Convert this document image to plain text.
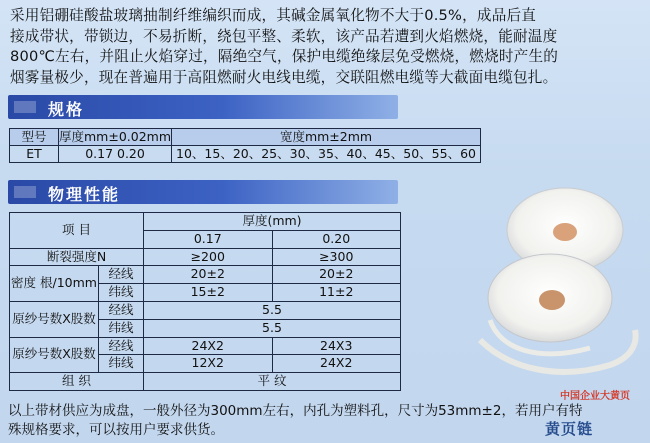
采用铝硼硅酸盐玻璃抽制纤维编织而成，其碱金属氧化物不大于0.5%，成品后直
接成带状，带锁边，不易折断，绕包平整、柔软，该产品若遭到火焰燃烧，能耐温度
800℃左右，并阻止火焰穿过，隔绝空气，保护电缆绝缘层免受燃烧，燃烧时产生的
烟雾量极少，现在普遍用于高阻燃耐火电线电缆，交联阻燃电缆等大截面电缆包扎。

规格
型号	厚度mm±0.02mm	宽度mm±2mm
ET	0.17 0.20	10、15、20、25、30、35、40、45、50、55、60
物理性能
项 目		厚度(mm)	
		0.17	0.20
断裂强度N		≥200	≥300
密度 根/10mm	经线	20±2	20±2
	纬线	15±2	11±2
原纱号数X股数	经线	5.5	
	纬线	5.5	
原纱号数X股数	经线	24X2	24X3
	纬线	12X2	24X2
组 织		平 纹	

以上带材供应为成盘，一般外径为300mm左右，内孔为塑料孔，尺寸为53mm±2，若用户有特
殊规格要求，可以按用户要求供货。

中国企业大黄页
黄页链
